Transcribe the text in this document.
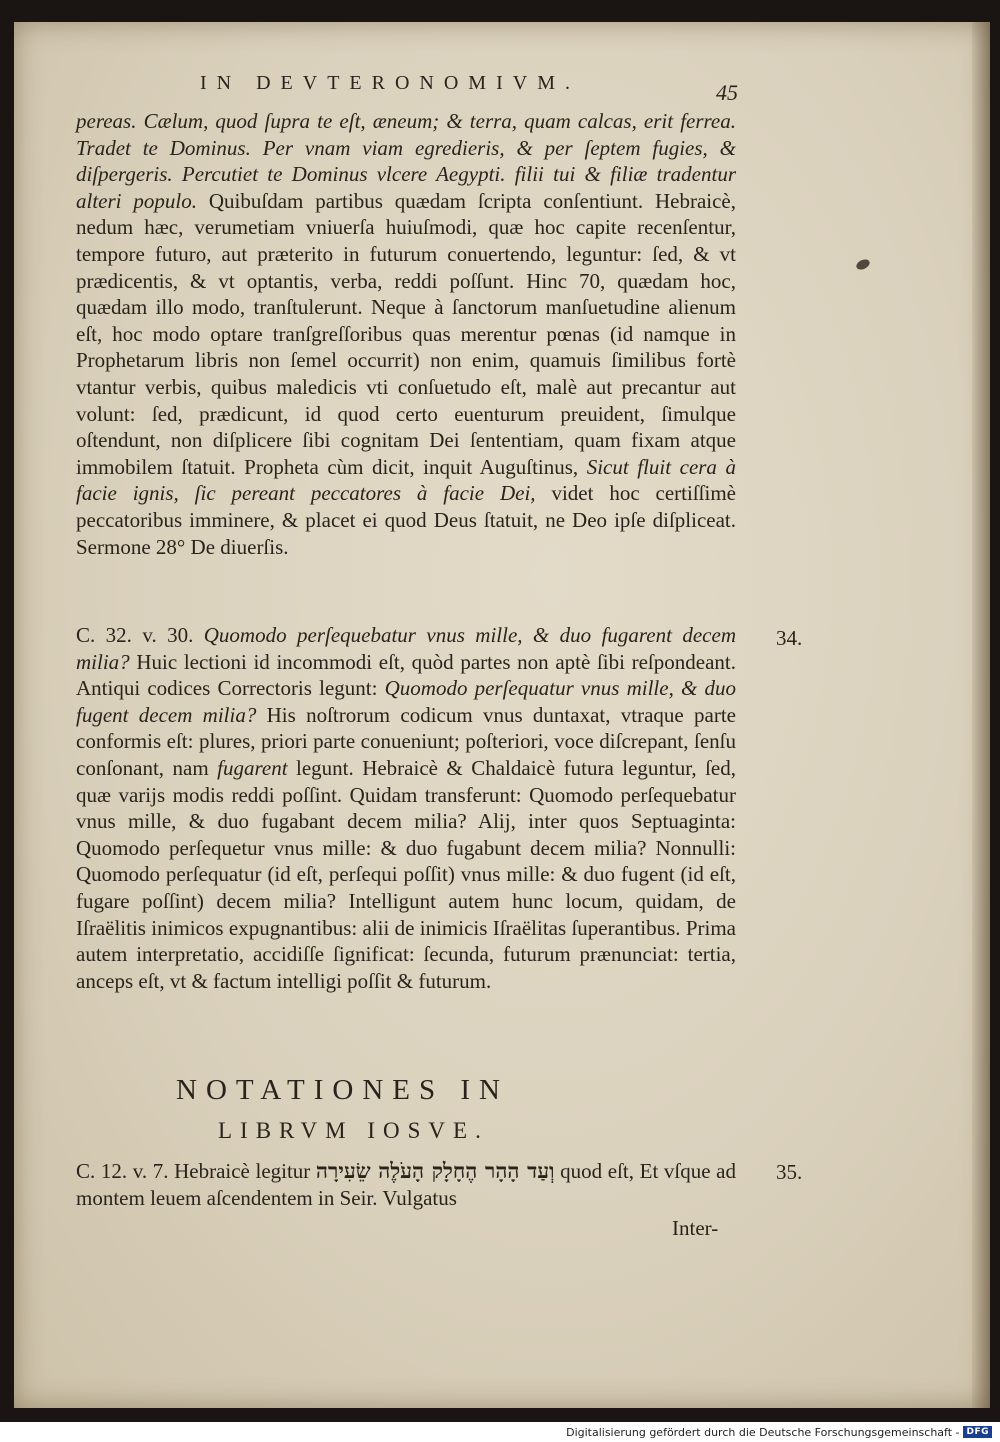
IN DEVTERONOMIVM.	45

pereas. Cælum, quod ſupra te eſt, æneum; & terra, quam calcas, erit ferrea. Tradet te Dominus. Per vnam viam egredieris, & per ſeptem fugies, & diſpergeris. Percutiet te Dominus vlcere Aegypti. filii tui & filiæ tradentur alteri populo. Quibuſdam partibus quædam ſcripta conſentiunt. Hebraicè, nedum hæc, verumetiam vniuerſa huiuſmodi, quæ hoc capite recenſentur, tempore futuro, aut præterito in futurum conuertendo, leguntur: ſed, & vt prædicentis, & vt optantis, verba, reddi poſſunt. Hinc 70, quædam hoc, quædam illo modo, tranſtulerunt. Neque à ſanctorum manſuetudine alienum eſt, hoc modo optare tranſgreſſoribus quas merentur pœnas (id namque in Prophetarum libris non ſemel occurrit) non enim, quamuis ſimilibus fortè vtantur verbis, quibus maledicis vti conſuetudo eſt, malè aut precantur aut volunt: ſed, prædicunt, id quod certo euenturum preuident, ſimulque oſtendunt, non diſplicere ſibi cognitam Dei ſententiam, quam fixam atque immobilem ſtatuit. Propheta cùm dicit, inquit Auguſtinus, Sicut fluit cera à facie ignis, ſic pereant peccatores à facie Dei, videt hoc certiſſimè peccatoribus imminere, & placet ei quod Deus ſtatuit, ne Deo ipſe diſpliceat. Sermone 28° De diuerſis.

34.

C. 32. v. 30. Quomodo perſequebatur vnus mille, & duo fugarent decem milia? Huic lectioni id incommodi eſt, quòd partes non aptè ſibi reſpondeant. Antiqui codices Correctoris legunt: Quomodo perſequatur vnus mille, & duo fugent decem milia? His noſtrorum codicum vnus duntaxat, vtraque parte conformis eſt: plures, priori parte conueniunt; poſteriori, voce diſcrepant, ſenſu conſonant, nam fugarent legunt. Hebraicè & Chaldaicè futura leguntur, ſed, quæ varijs modis reddi poſſint. Quidam transferunt: Quomodo perſequebatur vnus mille, & duo fugabant decem milia? Alij, inter quos Septuaginta: Quomodo perſequetur vnus mille: & duo fugabunt decem milia? Nonnulli: Quomodo perſequatur (id eſt, perſequi poſſit) vnus mille: & duo fugent (id eſt, fugare poſſint) decem milia? Intelligunt autem hunc locum, quidam, de Iſraëlitis inimicos expugnantibus: alii de inimicis Iſraëlitas ſuperantibus. Prima autem interpretatio, accidiſſe ſignificat: ſecunda, futurum prænunciat: tertia, anceps eſt, vt & factum intelligi poſſit & futurum.

NOTATIONES IN
LIBRVM IOSVE.
35.

C. 12. v. 7. Hebraicè legitur וְעַד הָהָר הֶחָלָק הָעֹלֶה שֵׂעִירָה quod eſt, Et vſque ad montem leuem aſcendentem in Seir. Vulgatus

Inter-
Digitalisierung gefördert durch die Deutsche Forschungsgemeinschaft - DFG
